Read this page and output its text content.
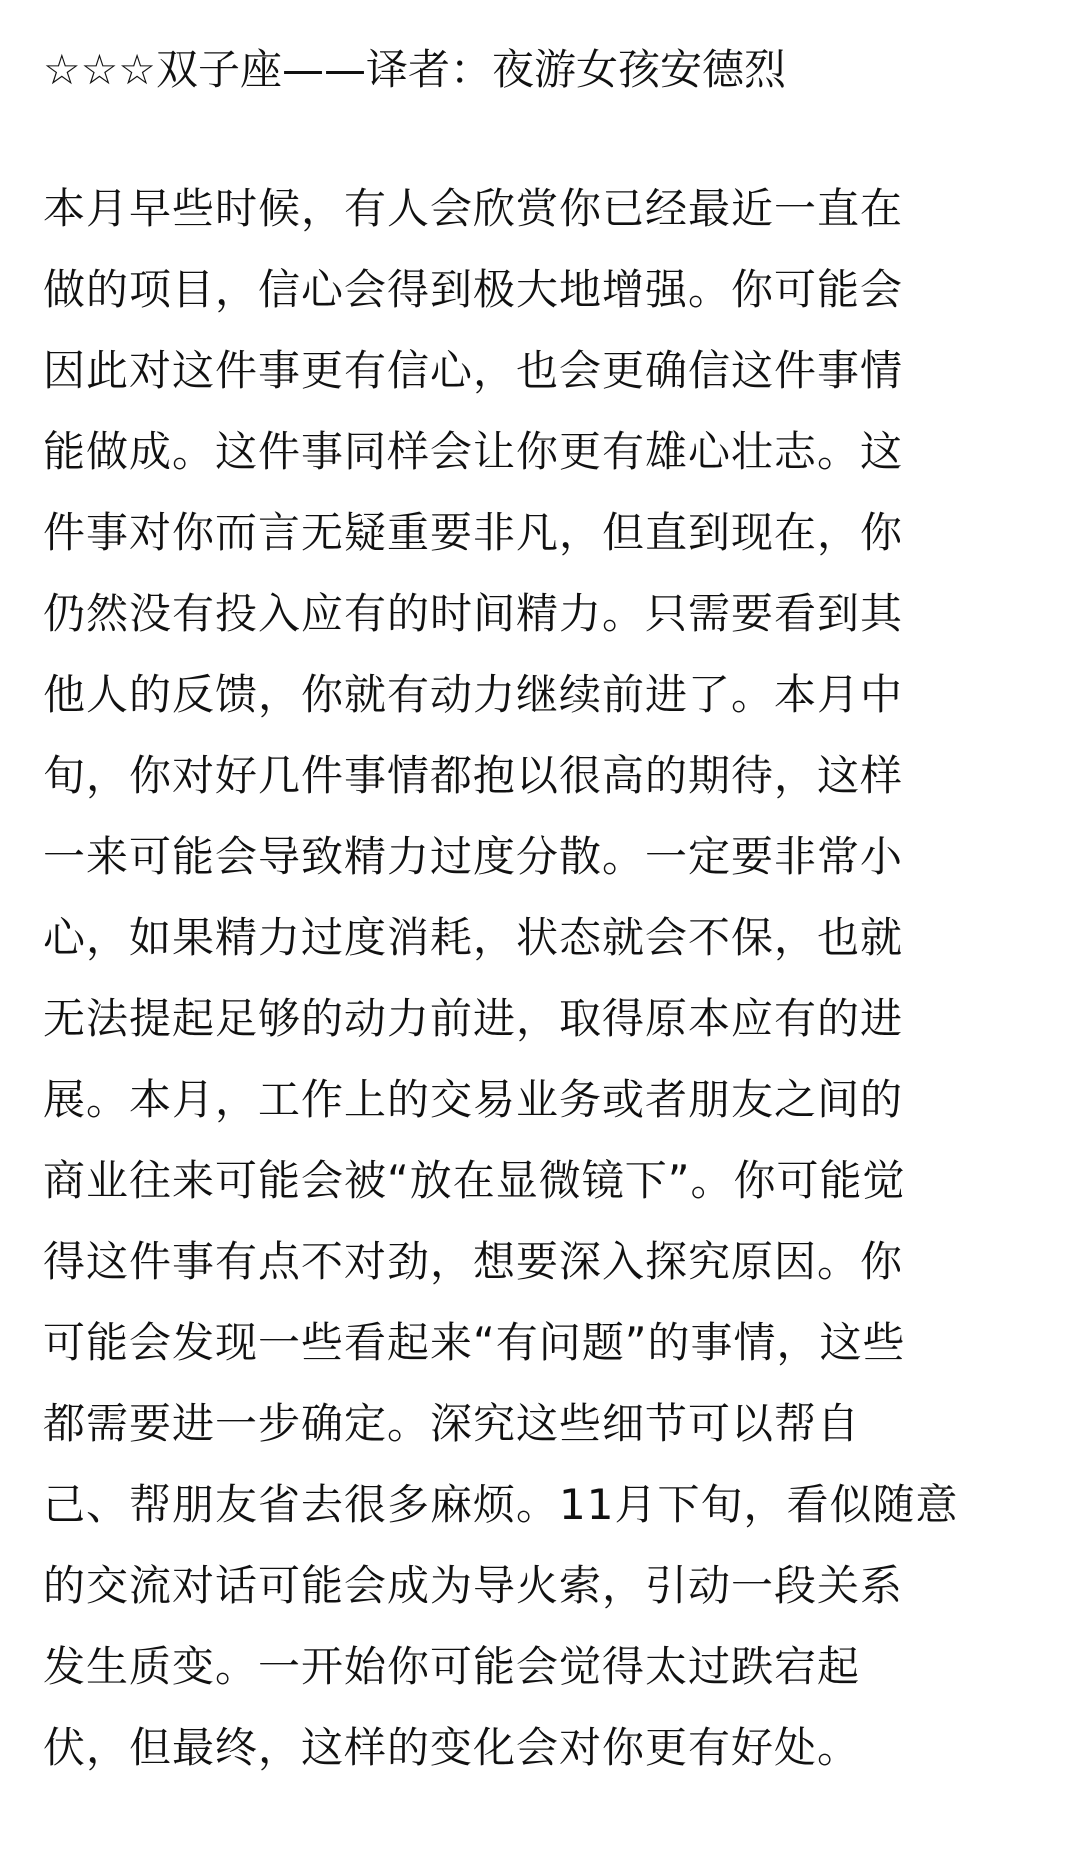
☆☆☆双子座——译者：夜游女孩安德烈
本月早些时候，有人会欣赏你已经最近一直在
做的项目，信心会得到极大地增强。你可能会
因此对这件事更有信心，也会更确信这件事情
能做成。这件事同样会让你更有雄心壮志。这
件事对你而言无疑重要非凡，但直到现在，你
仍然没有投入应有的时间精力。只需要看到其
他人的反馈，你就有动力继续前进了。本月中
旬，你对好几件事情都抱以很高的期待，这样
一来可能会导致精力过度分散。一定要非常小
心，如果精力过度消耗，状态就会不保，也就
无法提起足够的动力前进，取得原本应有的进
展。本月，工作上的交易业务或者朋友之间的
商业往来可能会被“放在显微镜下”。你可能觉
得这件事有点不对劲，想要深入探究原因。你
可能会发现一些看起来“有问题”的事情，这些
都需要进一步确定。深究这些细节可以帮自
己、帮朋友省去很多麻烦。11月下旬，看似随意
的交流对话可能会成为导火索，引动一段关系
发生质变。一开始你可能会觉得太过跌宕起
伏，但最终，这样的变化会对你更有好处。
